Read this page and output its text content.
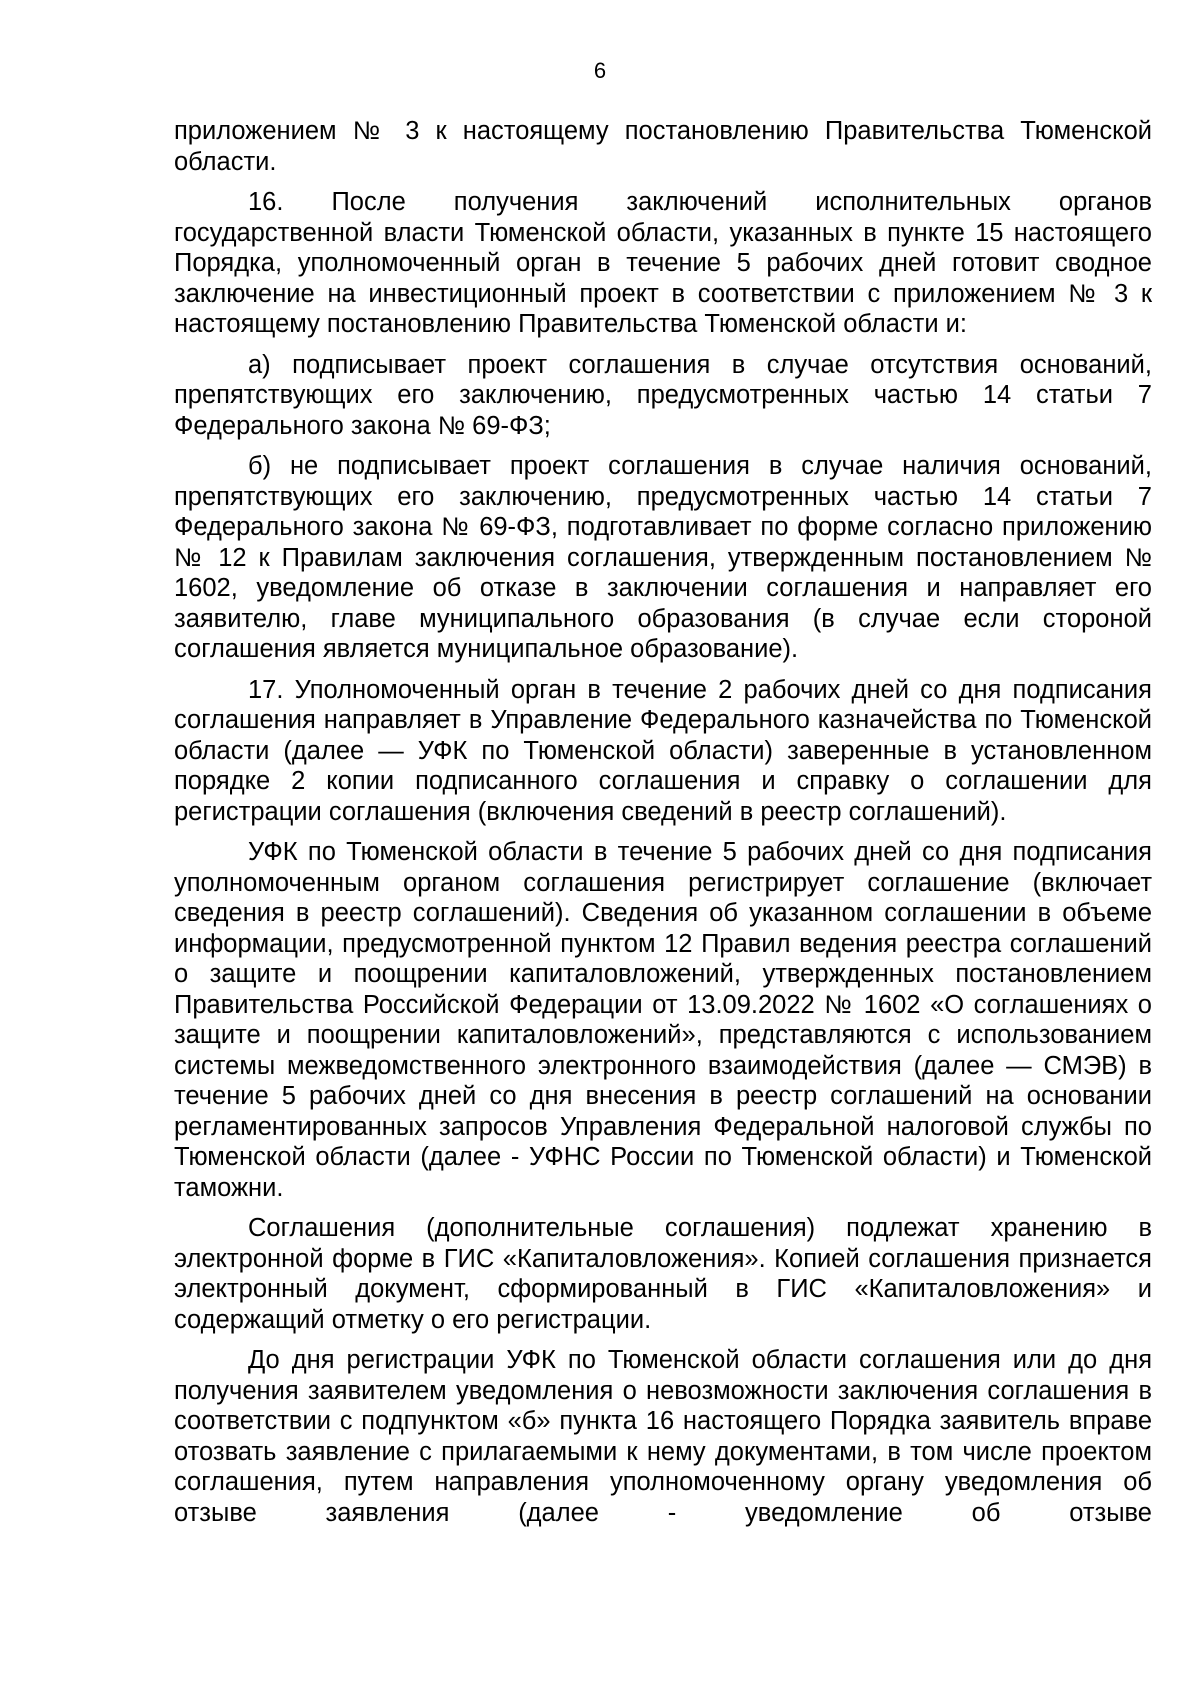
6

приложением № 3 к настоящему постановлению Правительства Тюменской области.

16. После получения заключений исполнительных органов государственной власти Тюменской области, указанных в пункте 15 настоящего Порядка, уполномоченный орган в течение 5 рабочих дней готовит сводное заключение на инвестиционный проект в соответствии с приложением № 3 к настоящему постановлению Правительства Тюменской области и:

а) подписывает проект соглашения в случае отсутствия оснований, препятствующих его заключению, предусмотренных частью 14 статьи 7 Федерального закона № 69-ФЗ;

б) не подписывает проект соглашения в случае наличия оснований, препятствующих его заключению, предусмотренных частью 14 статьи 7 Федерального закона № 69-ФЗ, подготавливает по форме согласно приложению № 12 к Правилам заключения соглашения, утвержденным постановлением № 1602, уведомление об отказе в заключении соглашения и направляет его заявителю, главе муниципального образования (в случае если стороной соглашения является муниципальное образование).

17. Уполномоченный орган в течение 2 рабочих дней со дня подписания соглашения направляет в Управление Федерального казначейства по Тюменской области (далее — УФК по Тюменской области) заверенные в установленном порядке 2 копии подписанного соглашения и справку о соглашении для регистрации соглашения (включения сведений в реестр соглашений).

УФК по Тюменской области в течение 5 рабочих дней со дня подписания уполномоченным органом соглашения регистрирует соглашение (включает сведения в реестр соглашений). Сведения об указанном соглашении в объеме информации, предусмотренной пунктом 12 Правил ведения реестра соглашений о защите и поощрении капиталовложений, утвержденных постановлением Правительства Российской Федерации от 13.09.2022 № 1602 «О соглашениях о защите и поощрении капиталовложений», представляются с использованием системы межведомственного электронного взаимодействия (далее — СМЭВ) в течение 5 рабочих дней со дня внесения в реестр соглашений на основании регламентированных запросов Управления Федеральной налоговой службы по Тюменской области (далее - УФНС России по Тюменской области) и Тюменской таможни.

Соглашения (дополнительные соглашения) подлежат хранению в электронной форме в ГИС «Капиталовложения». Копией соглашения признается электронный документ, сформированный в ГИС «Капиталовложения» и содержащий отметку о его регистрации.

До дня регистрации УФК по Тюменской области соглашения или до дня получения заявителем уведомления о невозможности заключения соглашения в соответствии с подпунктом «б» пункта 16 настоящего Порядка заявитель вправе отозвать заявление с прилагаемыми к нему документами, в том числе проектом соглашения, путем направления уполномоченному органу уведомления об отзыве заявления (далее - уведомление об отзыве
